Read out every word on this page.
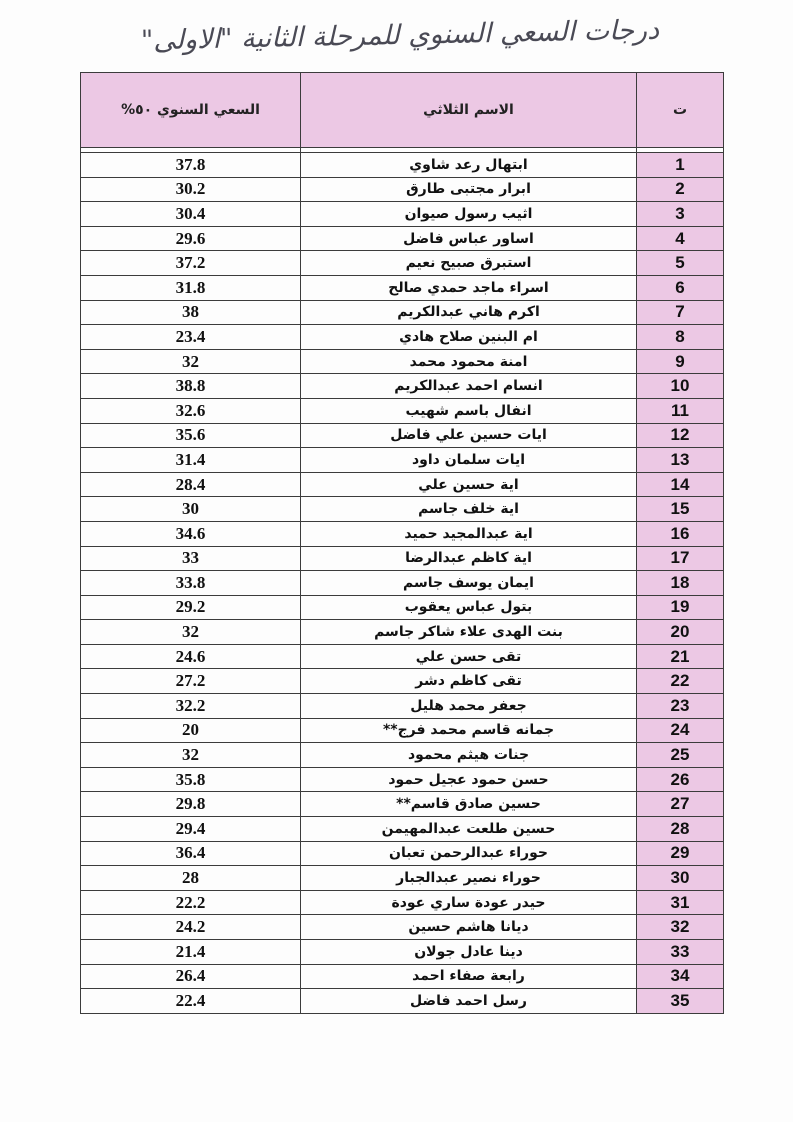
درجات السعي السنوي للمرحلة الثانية "الاولى"
ت	الاسم الثلاثي	السعي السنوي ٥٠%

1	ابتهال رعد شاوي	37.8
2	ابرار مجتبى طارق	30.2
3	اثيب رسول صيوان	30.4
4	اساور عباس فاضل	29.6
5	استبرق صبيح نعيم	37.2
6	اسراء ماجد حمدي صالح	31.8
7	اكرم هاني عبدالكريم	38
8	ام البنين صلاح هادي	23.4
9	امنة محمود محمد	32
10	انسام احمد عبدالكريم	38.8
11	انفال باسم شهيب	32.6
12	ايات حسين علي فاضل	35.6
13	ايات سلمان داود	31.4
14	اية حسين علي	28.4
15	اية خلف جاسم	30
16	اية عبدالمجيد حميد	34.6
17	اية كاظم عبدالرضا	33
18	ايمان يوسف جاسم	33.8
19	بتول عباس يعقوب	29.2
20	بنت الهدى علاء شاكر جاسم	32
21	تقى حسن علي	24.6
22	تقى كاظم دشر	27.2
23	جعفر محمد هليل	32.2
24	جمانه قاسم محمد فرج**	20
25	جنات هيثم محمود	32
26	حسن حمود عجيل حمود	35.8
27	حسين صادق قاسم**	29.8
28	حسين طلعت عبدالمهيمن	29.4
29	حوراء عبدالرحمن تعبان	36.4
30	حوراء نصير عبدالجبار	28
31	حيدر عودة ساري عودة	22.2
32	ديانا هاشم حسين	24.2
33	دينا عادل جولان	21.4
34	رابعة صفاء احمد	26.4
35	رسل احمد فاضل	22.4
